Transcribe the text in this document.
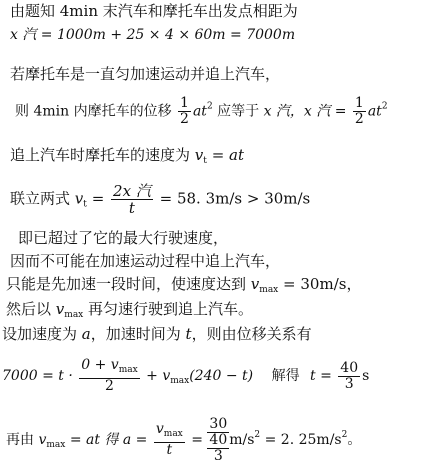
由题知 4min 末汽车和摩托车出发点相距为
x 汽 = 1000m + 25 × 4 × 60m = 7000m
若摩托车是一直匀加速运动并追上汽车，
则 4min 内摩托车的位移 $\frac{1}{2} at^2$ 应等于 x 汽，x 汽 = $\frac{1}{2} at^2$
追上汽车时摩托车的速度为 $v_t$ = at
联立两式 $v_t = \frac{\text{2x 汽}}{t} = 58$. 3m/s > 30m/s
即已超过了它的最大行驶速度，
因而不可能在加速运动过程中追上汽车，
只能是先加速一段时间，使速度达到 $v_{max} = 30m/s$，
然后以 $v_{max}$ 再匀速行驶到追上汽车。
设加速度为 a，加速时间为 t，则由位移关系有
$7000 = t \cdot \frac{0 + v_{max}}{2} + v_{max}(240 - t)$ 解得 $t = \frac{40}{3}$ s
再由 $v_{max}$ = at 得 $a = \frac{v_{max}}{t} = 30$
40
3 $m/s^2 = 2$. $25m/s^2$。
